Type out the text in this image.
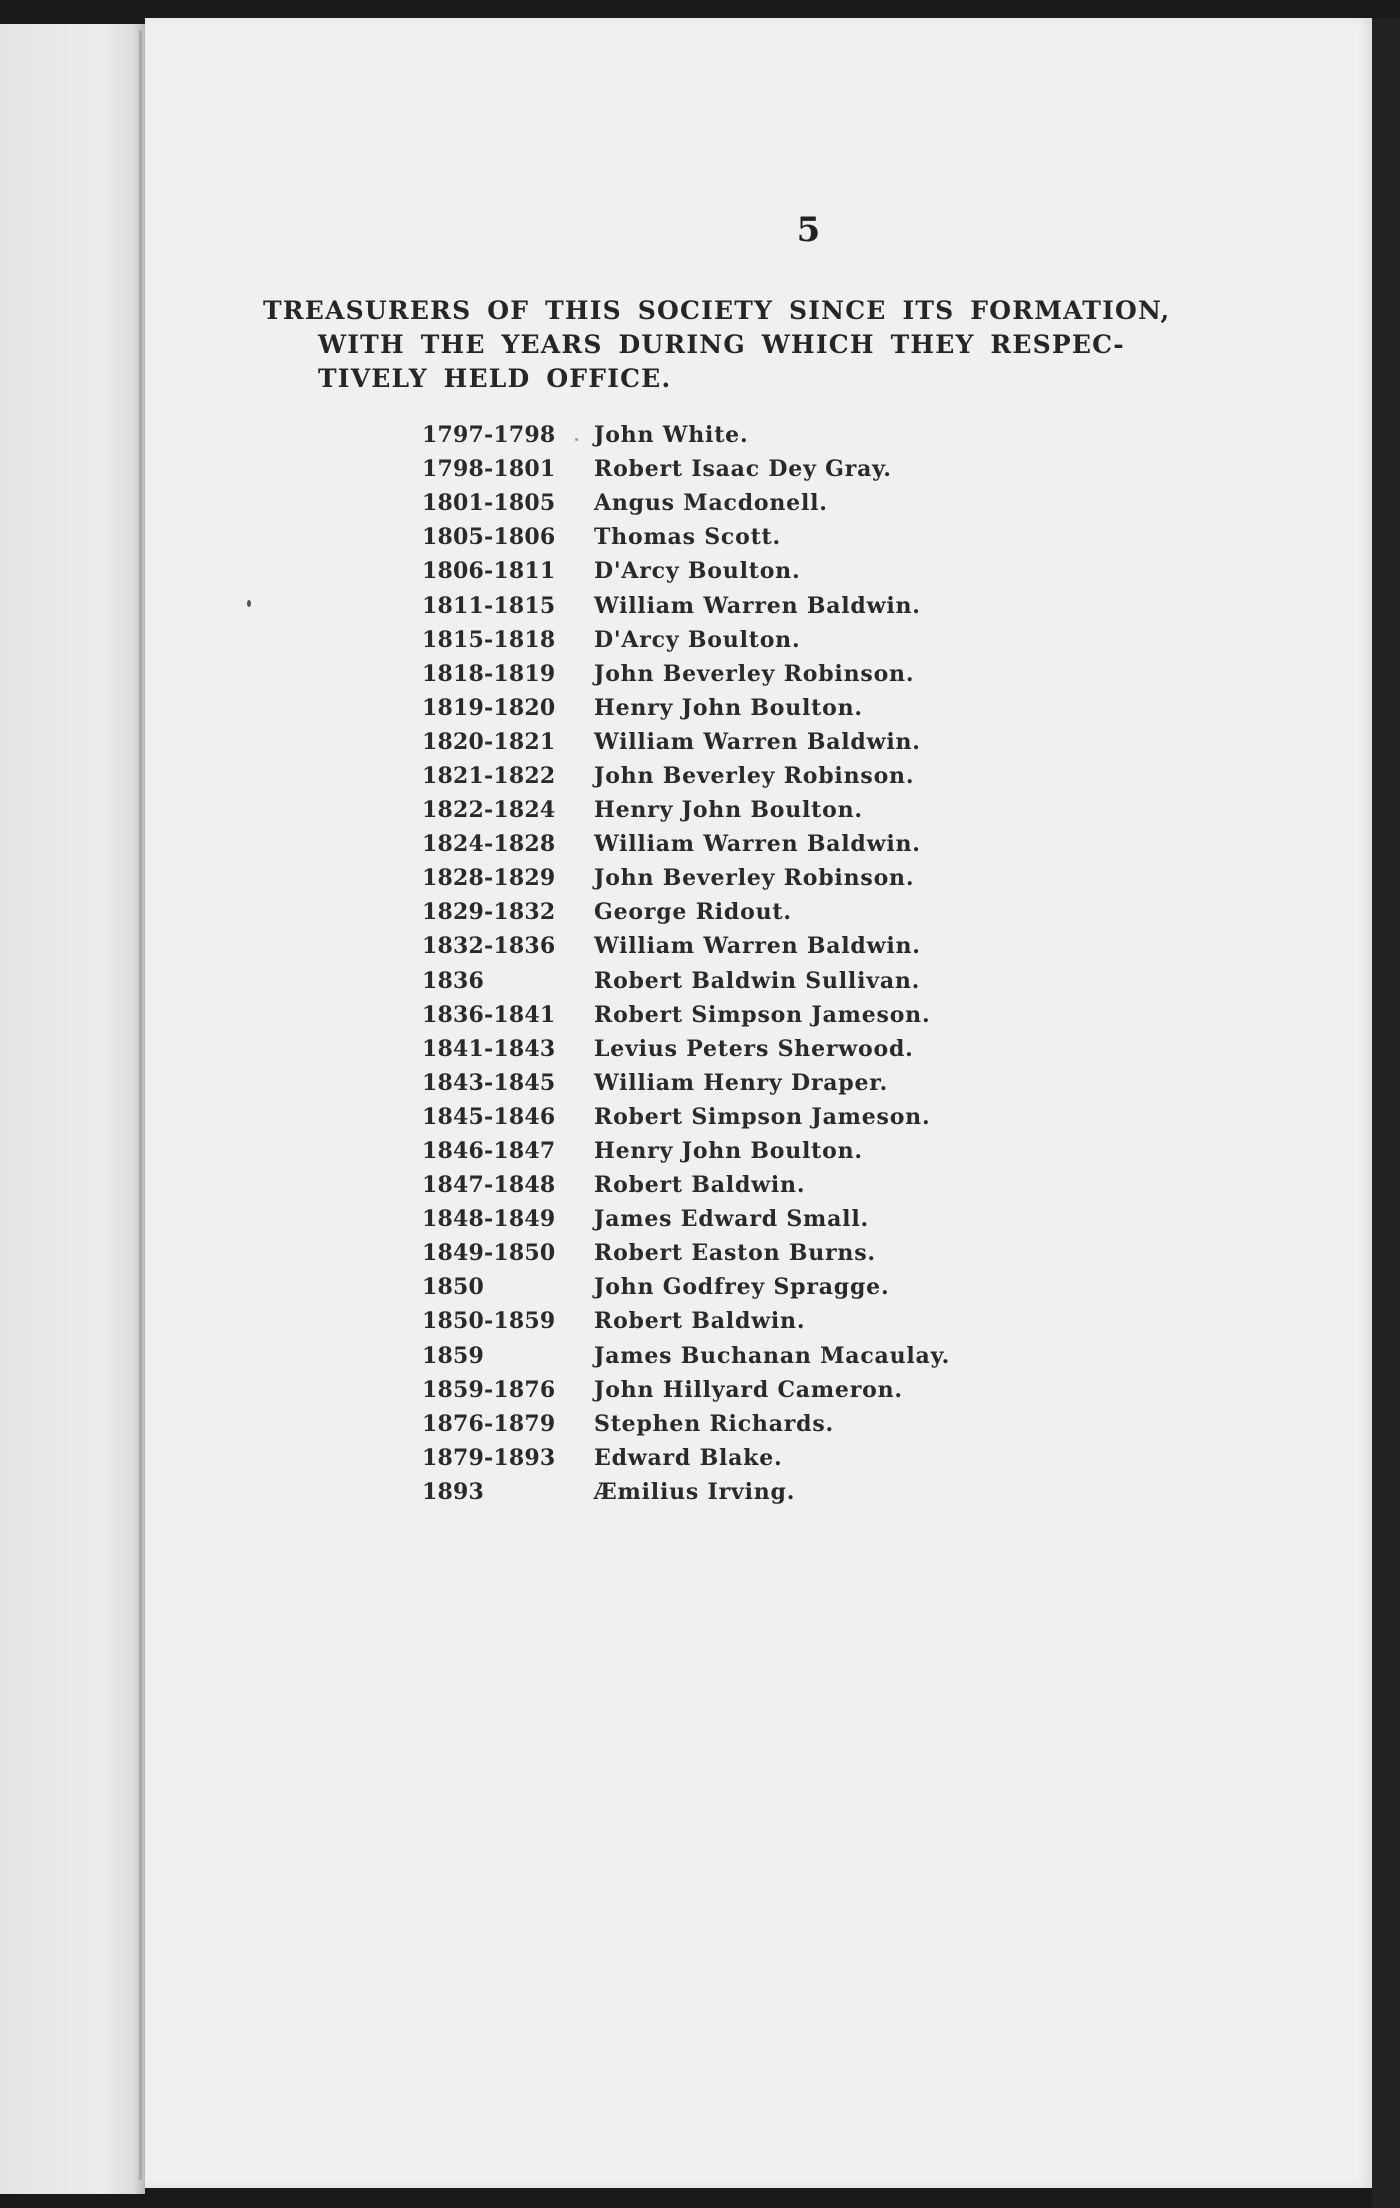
5
TREASURERS OF THIS SOCIETY SINCE ITS FORMATION,
WITH THE YEARS DURING WHICH THEY RESPEC-
TIVELY HELD OFFICE.
1797-1798	John White.
1798-1801	Robert Isaac Dey Gray.
1801-1805	Angus Macdonell.
1805-1806	Thomas Scott.
1806-1811	D'Arcy Boulton.
1811-1815	William Warren Baldwin.
1815-1818	D'Arcy Boulton.
1818-1819	John Beverley Robinson.
1819-1820	Henry John Boulton.
1820-1821	William Warren Baldwin.
1821-1822	John Beverley Robinson.
1822-1824	Henry John Boulton.
1824-1828	William Warren Baldwin.
1828-1829	John Beverley Robinson.
1829-1832	George Ridout.
1832-1836	William Warren Baldwin.
1836	Robert Baldwin Sullivan.
1836-1841	Robert Simpson Jameson.
1841-1843	Levius Peters Sherwood.
1843-1845	William Henry Draper.
1845-1846	Robert Simpson Jameson.
1846-1847	Henry John Boulton.
1847-1848	Robert Baldwin.
1848-1849	James Edward Small.
1849-1850	Robert Easton Burns.
1850	John Godfrey Spragge.
1850-1859	Robert Baldwin.
1859	James Buchanan Macaulay.
1859-1876	John Hillyard Cameron.
1876-1879	Stephen Richards.
1879-1893	Edward Blake.
1893	Æmilius Irving.
